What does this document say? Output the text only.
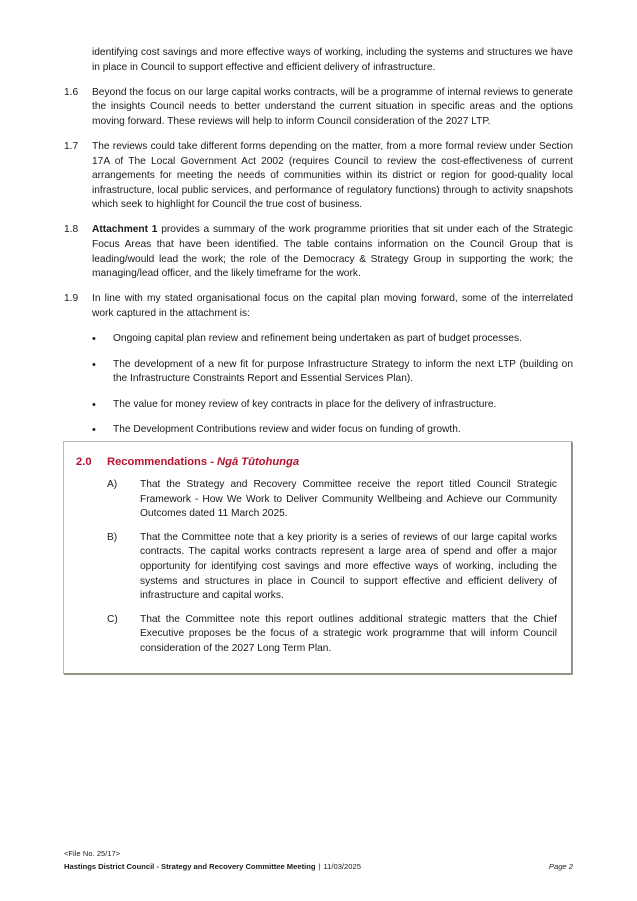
identifying cost savings and more effective ways of working, including the systems and structures we have in place in Council to support effective and efficient delivery of infrastructure.
1.6	Beyond the focus on our large capital works contracts, will be a programme of internal reviews to generate the insights Council needs to better understand the current situation in specific areas and the options moving forward. These reviews will help to inform Council consideration of the 2027 LTP.
1.7	The reviews could take different forms depending on the matter, from a more formal review under Section 17A of The Local Government Act 2002 (requires Council to review the cost-effectiveness of current arrangements for meeting the needs of communities within its district or region for good-quality local infrastructure, local public services, and performance of regulatory functions) through to activity snapshots which seek to highlight for Council the true cost of business.
1.8	Attachment 1 provides a summary of the work programme priorities that sit under each of the Strategic Focus Areas that have been identified. The table contains information on the Council Group that is leading/would lead the work; the role of the Democracy & Strategy Group in supporting the work; the managing/lead officer, and the likely timeframe for the work.
1.9	In line with my stated organisational focus on the capital plan moving forward, some of the interrelated work captured in the attachment is:
•	Ongoing capital plan review and refinement being undertaken as part of budget processes.
•	The development of a new fit for purpose Infrastructure Strategy to inform the next LTP (building on the Infrastructure Constraints Report and Essential Services Plan).
•	The value for money review of key contracts in place for the delivery of infrastructure.
•	The Development Contributions review and wider focus on funding of growth.
2.0	Recommendations - Ngā Tūtohunga
A)	That the Strategy and Recovery Committee receive the report titled Council Strategic Framework - How We Work to Deliver Community Wellbeing and Achieve our Community Outcomes dated 11 March 2025.
B)	That the Committee note that a key priority is a series of reviews of our large capital works contracts. The capital works contracts represent a large area of spend and offer a major opportunity for identifying cost savings and more effective ways of working, including the systems and structures in place in Council to support effective and efficient delivery of infrastructure and capital works.
C)	That the Committee note this report outlines additional strategic matters that the Chief Executive proposes be the focus of a strategic work programme that will inform Council consideration of the 2027 Long Term Plan.
<File No. 25/17>
Hastings District Council - Strategy and Recovery Committee Meeting | 11/03/2025	Page 2
